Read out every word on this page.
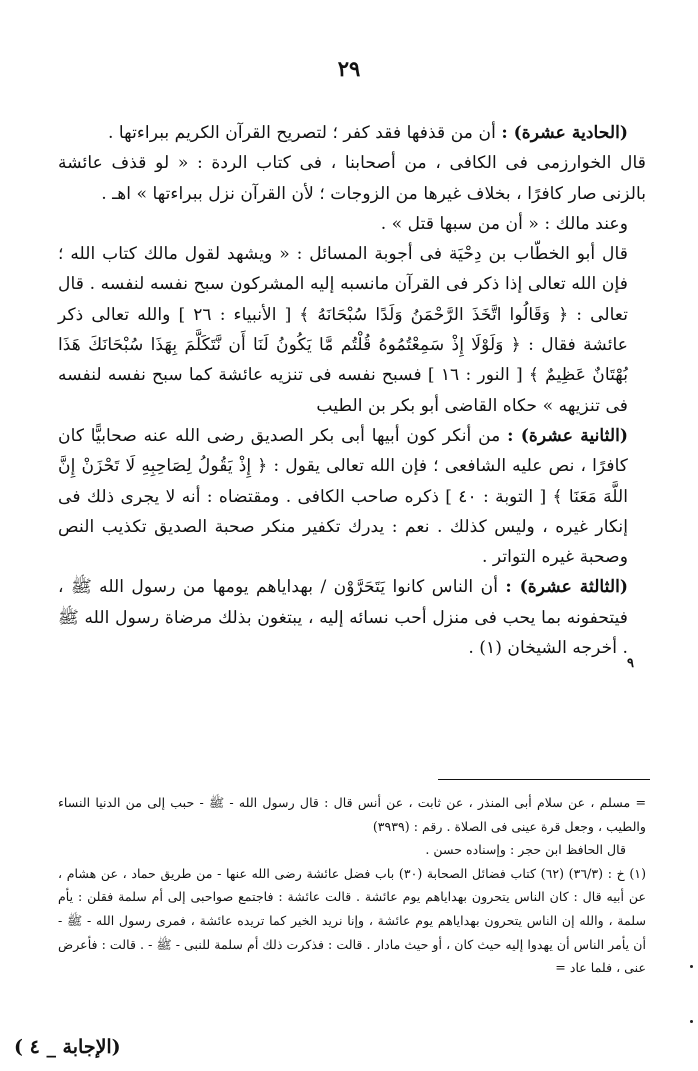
٢٩

(الحادية عشرة) : أن من قذفها فقد كفر ؛ لتصريح القرآن الكريم ببراءتها .

قال الخوارزمى فى الكافى ، من أصحابنا ، فى كتاب الردة : « لو قذف عائشة بالزنى صار كافرًا ، بخلاف غيرها من الزوجات ؛ لأن القرآن نزل ببراءتها » اهـ .

وعند مالك : « أن من سبها قتل » .

قال أبو الخطّاب بن دِحْيَة فى أجوبة المسائل : « ويشهد لقول مالك كتاب الله ؛ فإن الله تعالى إذا ذكر فى القرآن مانسبه إليه المشركون سبح نفسه لنفسه . قال تعالى : ﴿ وَقَالُوا اتَّخَذَ الرَّحْمَنُ وَلَدًا سُبْحَانَهُ ﴾ [ الأنبياء : ٢٦ ] والله تعالى ذكر عائشة فقال : ﴿ وَلَوْلَا إِذْ سَمِعْتُمُوهُ قُلْتُم مَّا يَكُونُ لَنَا أَن نَّتَكَلَّمَ بِهَذَا سُبْحَانَكَ هَذَا بُهْتَانٌ عَظِيمٌ ﴾ [ النور : ١٦ ] فسبح نفسه فى تنزيه عائشة كما سبح نفسه لنفسه فى تنزيهه » حكاه القاضى أبو بكر بن الطيب

(الثانية عشرة) : من أنكر كون أبيها أبى بكر الصديق رضى الله عنه صحابيًّا كان كافرًا ، نص عليه الشافعى ؛ فإن الله تعالى يقول : ﴿ إِذْ يَقُولُ لِصَاحِبِهِ لَا تَحْزَنْ إِنَّ اللَّهَ مَعَنَا ﴾ [ التوبة : ٤٠ ] ذكره صاحب الكافى . ومقتضاه : أنه لا يجرى ذلك فى إنكار غيره ، وليس كذلك . نعم : يدرك تكفير منكر صحبة الصديق تكذيب النص وصحبة غيره التواتر .

(الثالثة عشرة) : أن الناس كانوا يَتَحَرَّوْن / بهداياهم يومها من رسول الله ﷺ ، فيتحفونه بما يحب فى منزل أحب نسائه إليه ، يبتغون بذلك مرضاة رسول الله ﷺ . أخرجه الشيخان (١) .

٩

= مسلم ، عن سلام أبى المنذر ، عن ثابت ، عن أنس قال : قال رسول الله - ﷺ - حبب إلى من الدنيا النساء والطيب ، وجعل قرة عينى فى الصلاة . رقم : (٣٩٣٩)

قال الحافظ ابن حجر : وإسناده حسن .

(١) خ : (٣٦/٣) (٦٢) كتاب فضائل الصحابة (٣٠) باب فضل عائشة رضى الله عنها - من طريق حماد ، عن هشام ، عن أبيه قال : كان الناس يتحرون بهداياهم يوم عائشة . قالت عائشة : فاجتمع صواحبى إلى أم سلمة فقلن : يأم سلمة ، والله إن الناس يتحرون بهداياهم يوم عائشة ، وإنا نريد الخير كما تريده عائشة ، فمرى رسول الله - ﷺ - أن يأمر الناس أن يهدوا إليه حيث كان ، أو حيث مادار . قالت : فذكرت ذلك أم سلمة للنبى - ﷺ - . قالت : فأعرض عنى ، فلما عاد =

(الإجابة _ ٤ )
